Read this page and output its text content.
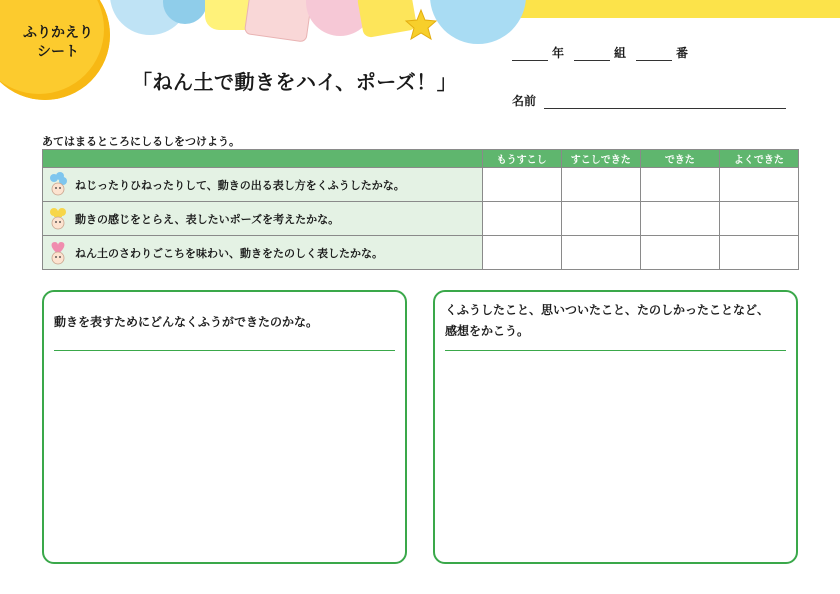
ふりかえり
シート
「ねん土で動きをハイ、ポーズ！」
年	組	番
名前
あてはまるところにしるしをつけよう。
	もうすこし	すこしできた	できた	よくできた

ねじったりひねったりして、動きの出る表し方をくふうしたかな。				

動きの感じをとらえ、表したいポーズを考えたかな。				

ねん土のさわりごこちを味わい、動きをたのしく表したかな。				

動きを表すためにどんなくふうができたのかな。
くふうしたこと、思いついたこと、たのしかったことなど、
感想をかこう。
